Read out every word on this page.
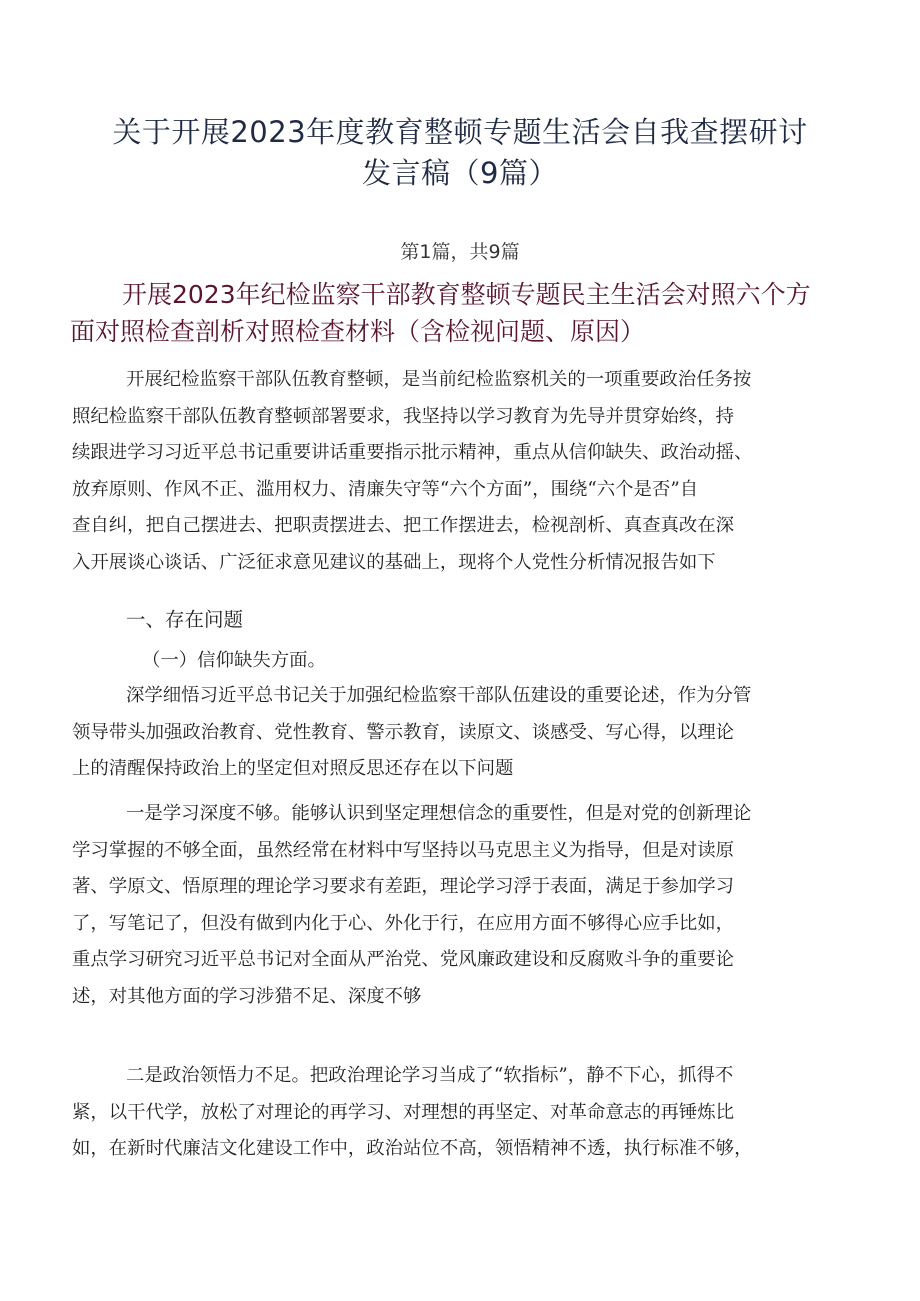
关于开展2023年度教育整顿专题生活会自我查摆研讨
发言稿（9篇）
第1篇，共9篇
开展2023年纪检监察干部教育整顿专题民主生活会对照六个方
面对照检查剖析对照检查材料（含检视问题、原因）
开展纪检监察干部队伍教育整顿，是当前纪检监察机关的一项重要政治任务按
照纪检监察干部队伍教育整顿部署要求，我坚持以学习教育为先导并贯穿始终，持
续跟进学习习近平总书记重要讲话重要指示批示精神，重点从信仰缺失、政治动摇、
放弃原则、作风不正、滥用权力、清廉失守等“六个方面”，围绕“六个是否”自
查自纠，把自己摆进去、把职责摆进去、把工作摆进去，检视剖析、真查真改在深
入开展谈心谈话、广泛征求意见建议的基础上，现将个人党性分析情况报告如下
一、存在问题
（一）信仰缺失方面。
深学细悟习近平总书记关于加强纪检监察干部队伍建设的重要论述，作为分管
领导带头加强政治教育、党性教育、警示教育，读原文、谈感受、写心得，以理论
上的清醒保持政治上的坚定但对照反思还存在以下问题
一是学习深度不够。能够认识到坚定理想信念的重要性，但是对党的创新理论
学习掌握的不够全面，虽然经常在材料中写坚持以马克思主义为指导，但是对读原
著、学原文、悟原理的理论学习要求有差距，理论学习浮于表面，满足于参加学习
了，写笔记了，但没有做到内化于心、外化于行，在应用方面不够得心应手比如，
重点学习研究习近平总书记对全面从严治党、党风廉政建设和反腐败斗争的重要论
述，对其他方面的学习涉猎不足、深度不够
二是政治领悟力不足。把政治理论学习当成了“软指标”，静不下心，抓得不
紧，以干代学，放松了对理论的再学习、对理想的再坚定、对革命意志的再锤炼比
如，在新时代廉洁文化建设工作中，政治站位不高，领悟精神不透，执行标准不够，
